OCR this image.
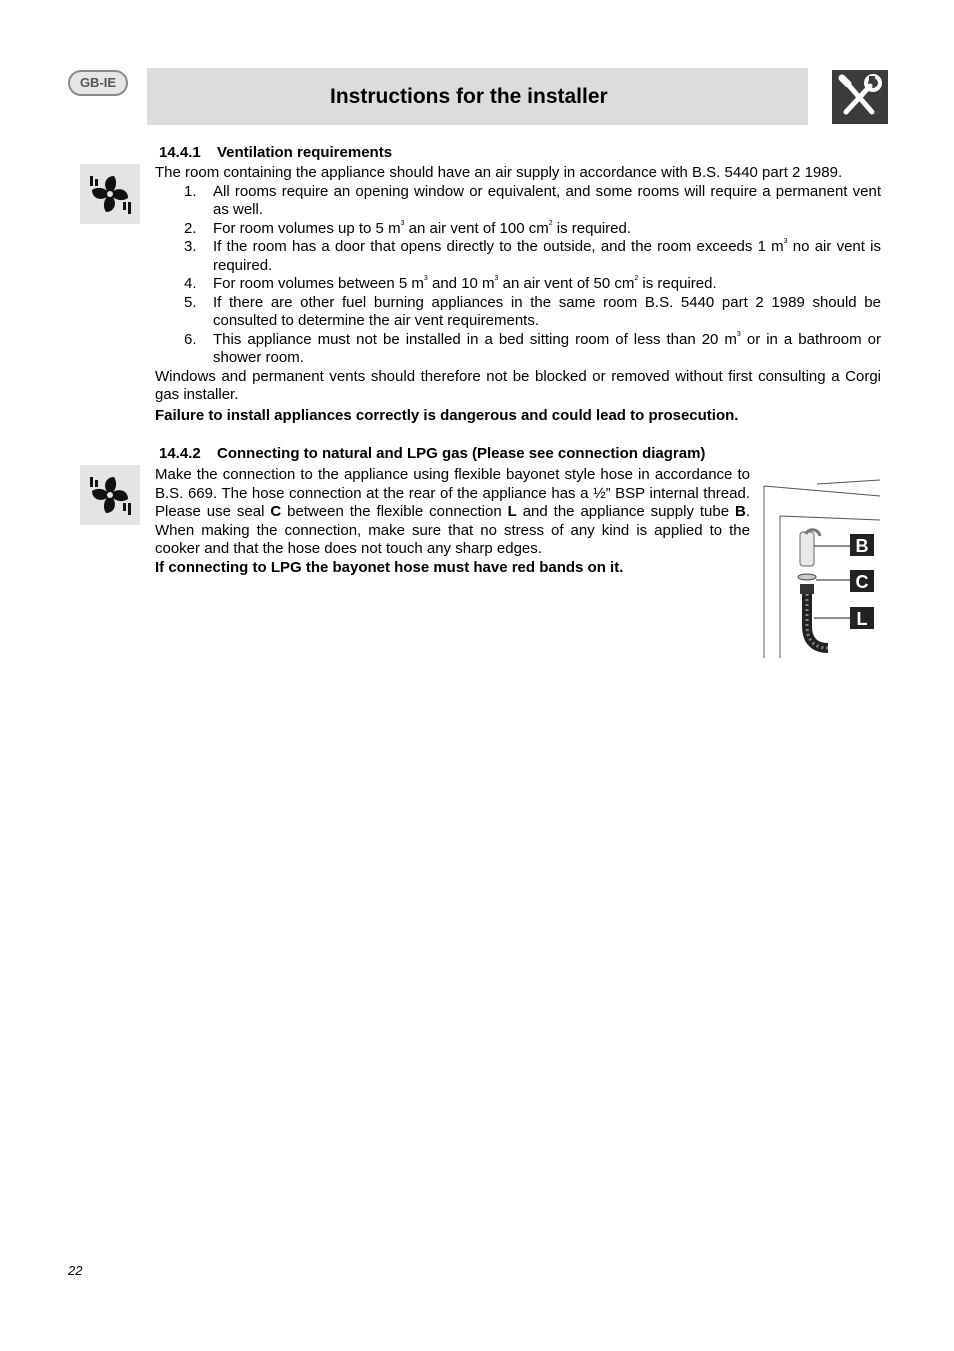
GB-IE
Instructions for the installer
14.4.1 Ventilation requirements
The room containing the appliance should have an air supply in accordance with B.S. 5440 part 2 1989.
1. All rooms require an opening window or equivalent, and some rooms will require a permanent vent as well.
2. For room volumes up to 5 $m^3$ an air vent of 100 $cm^2$ is required.
3. If the room has a door that opens directly to the outside, and the room exceeds 1 $m^3$ no air vent is required.
4. For room volumes between 5 $m^3$ and 10 $m^3$ an air vent of 50 $cm^2$ is required.
5. If there are other fuel burning appliances in the same room B.S. 5440 part 2 1989 should be consulted to determine the air vent requirements.
6. This appliance must not be installed in a bed sitting room of less than 20 $m^3$ or in a bathroom or shower room.
Windows and permanent vents should therefore not be blocked or removed without first consulting a Corgi gas installer.
Failure to install appliances correctly is dangerous and could lead to prosecution.
14.4.2 Connecting to natural and LPG gas (Please see connection diagram)
Make the connection to the appliance using flexible bayonet style hose in accordance to B.S. 669. The hose connection at the rear of the appliance has a ½” BSP internal thread. Please use seal C between the flexible connection L and the appliance supply tube B. When making the connection, make sure that no stress of any kind is applied to the cooker and that the hose does not touch any sharp edges.
If connecting to LPG the bayonet hose must have red bands on it.
B
C
L
22
